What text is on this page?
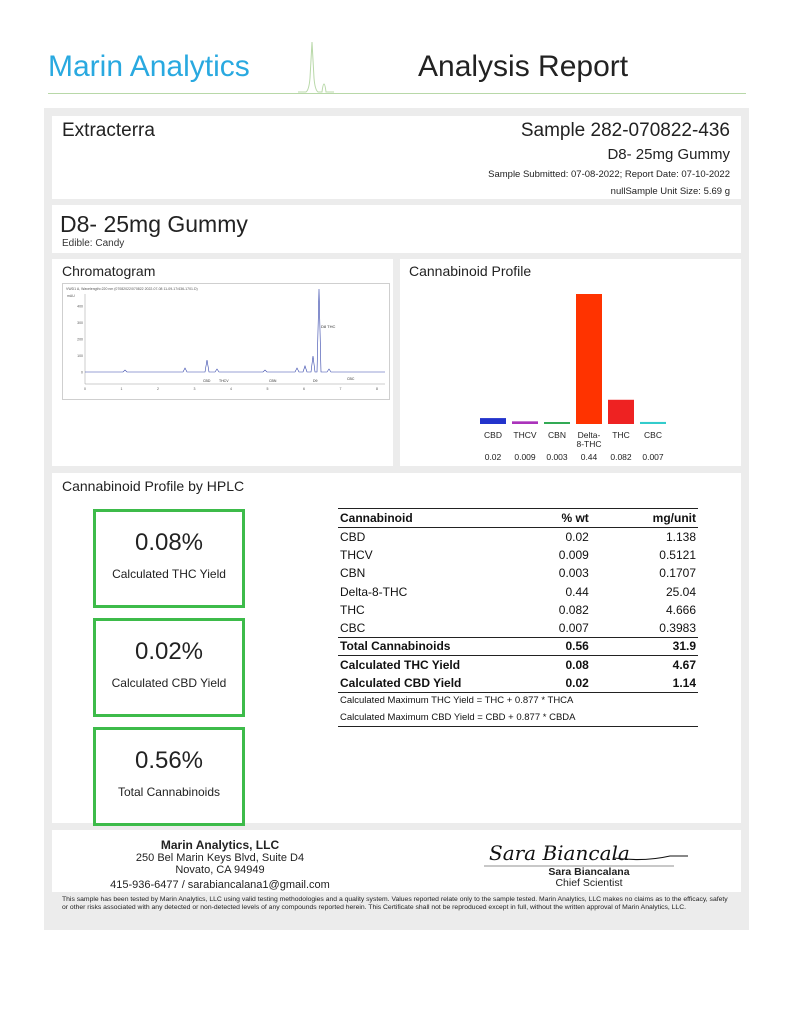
Marin Analytics	Analysis Report
Extracterra	Sample 282-070822-436
D8- 25mg Gummy
Sample Submitted: 07-08-2022; Report Date: 07-10-2022
nullSample Unit Size: 5.69 g
D8- 25mg Gummy
Edible: Candy
Chromatogram
VWD1 A, Wavelength=220 nm (07082022/070822 2022-07-08 11-09-17/436-1701.D)
mAU
400
300
200
100
0
0	1	2	3	4	5	6	7	8
D8 THC
CBD THCV	CBN	D9	CBC
Cannabinoid Profile
CBD
0.02
THCV
0.009
CBN
0.003
Delta-
8-THC
0.44
THC
0.082
CBC
0.007
Cannabinoid Profile by HPLC
0.08%
Calculated THC Yield
0.02%
Calculated CBD Yield
0.56%
Total Cannabinoids
Cannabinoid	% wt	mg/unit
CBD	0.02	1.138
THCV	0.009	0.5121
CBN	0.003	0.1707
Delta-8-THC	0.44	25.04
THC	0.082	4.666
CBC	0.007	0.3983
Total Cannabinoids	0.56	31.9
Calculated THC Yield	0.08	4.67
Calculated CBD Yield	0.02	1.14
Calculated Maximum THC Yield = THC + 0.877 * THCA		
Calculated Maximum CBD Yield = CBD + 0.877 * CBDA		
Marin Analytics, LLC
250 Bel Marin Keys Blvd, Suite D4
Novato, CA 94949
415-936-6477 / sarabiancalana1@gmail.com
Sara Biancala
Sara Biancalana
Chief Scientist
This sample has been tested by Marin Analytics, LLC using valid testing methodologies and a quality system. Values reported relate only to the sample tested. Marin Analytics, LLC makes no claims as to the efficacy, safety or other risks associated with any detected or non-detected levels of any compounds reported herein. This Certificate shall not be reproduced except in full, without the written approval of Marin Analytics, LLC.
